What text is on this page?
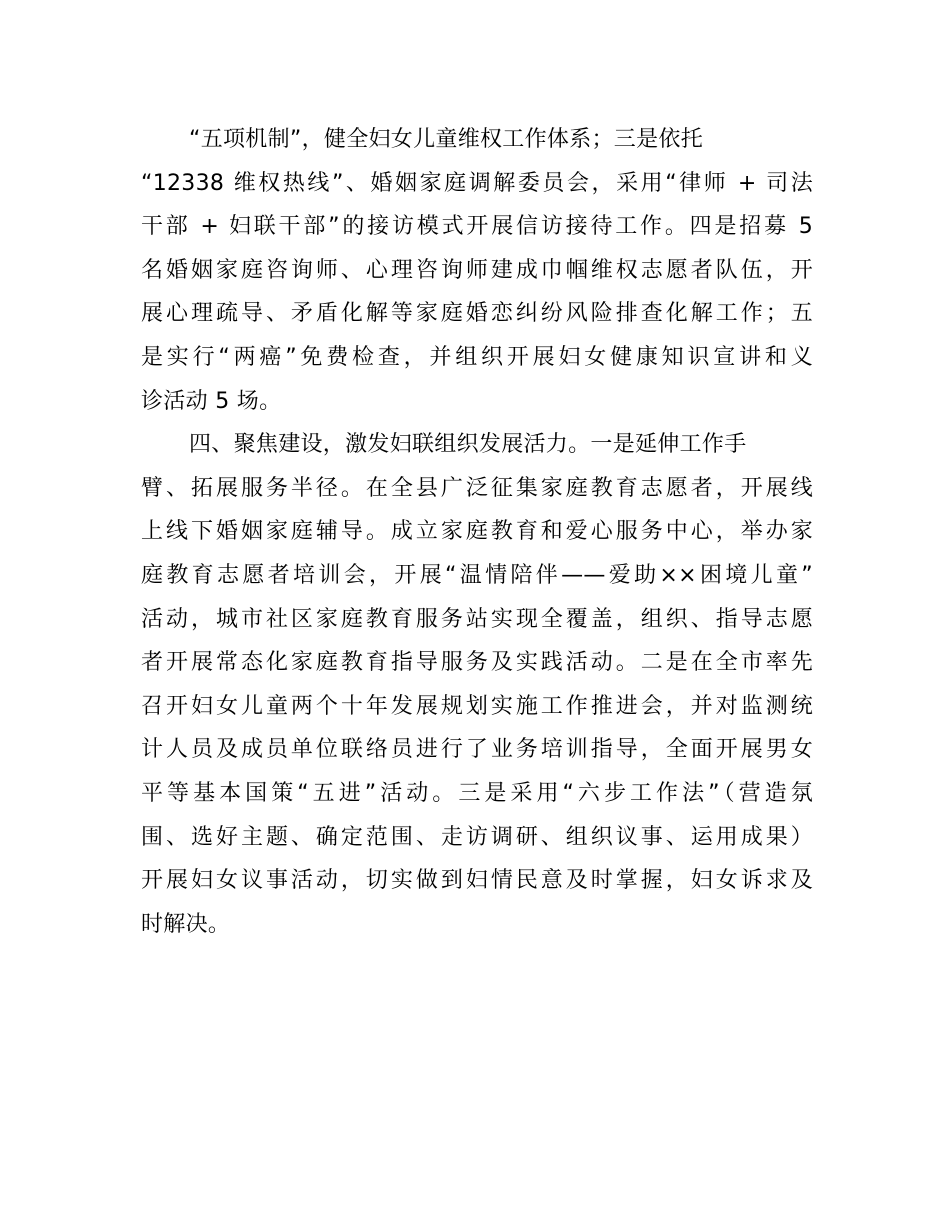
“五项机制”，健全妇女儿童维权工作体系；三是依托
“12338 维权热线”、婚姻家庭调解委员会，采用“律师 + 司法
干部 + 妇联干部”的接访模式开展信访接待工作。四是招募 5
名婚姻家庭咨询师、心理咨询师建成巾帼维权志愿者队伍，开
展心理疏导、矛盾化解等家庭婚恋纠纷风险排查化解工作；五
是实行“两癌”免费检查，并组织开展妇女健康知识宣讲和义
诊活动 5 场。
四、聚焦建设，激发妇联组织发展活力。一是延伸工作手
臂、拓展服务半径。在全县广泛征集家庭教育志愿者，开展线
上线下婚姻家庭辅导。成立家庭教育和爱心服务中心，举办家
庭教育志愿者培训会，开展“温情陪伴——爱助××困境儿童”
活动，城市社区家庭教育服务站实现全覆盖，组织、指导志愿
者开展常态化家庭教育指导服务及实践活动。二是在全市率先
召开妇女儿童两个十年发展规划实施工作推进会，并对监测统
计人员及成员单位联络员进行了业务培训指导，全面开展男女
平等基本国策“五进”活动。三是采用“六步工作法”（营造氛
围、选好主题、确定范围、走访调研、组织议事、运用成果）
开展妇女议事活动，切实做到妇情民意及时掌握，妇女诉求及
时解决。
